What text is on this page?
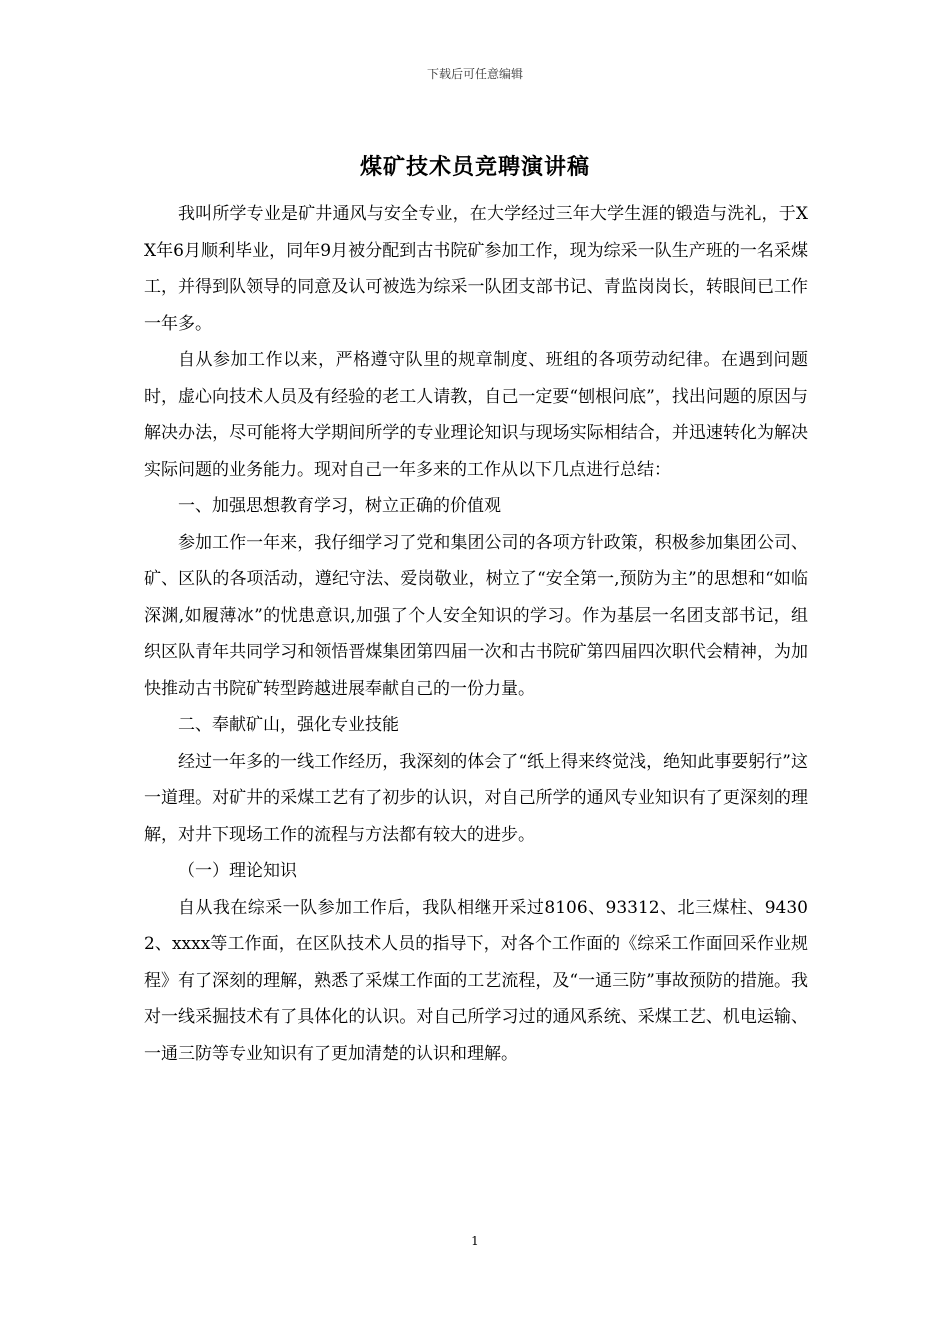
下载后可任意编辑
煤矿技术员竞聘演讲稿

我叫所学专业是矿井通风与安全专业，在大学经过三年大学生涯的锻造与洗礼，于XX年6月顺利毕业，同年9月被分配到古书院矿参加工作，现为综采一队生产班的一名采煤工，并得到队领导的同意及认可被选为综采一队团支部书记、青监岗岗长，转眼间已工作一年多。

自从参加工作以来，严格遵守队里的规章制度、班组的各项劳动纪律。在遇到问题时，虚心向技术人员及有经验的老工人请教，自己一定要“刨根问底”，找出问题的原因与解决办法，尽可能将大学期间所学的专业理论知识与现场实际相结合，并迅速转化为解决实际问题的业务能力。现对自己一年多来的工作从以下几点进行总结：

一、加强思想教育学习，树立正确的价值观

参加工作一年来，我仔细学习了党和集团公司的各项方针政策，积极参加集团公司、矿、区队的各项活动，遵纪守法、爱岗敬业，树立了“安全第一,预防为主”的思想和“如临深渊,如履薄冰”的忧患意识,加强了个人安全知识的学习。作为基层一名团支部书记，组织区队青年共同学习和领悟晋煤集团第四届一次和古书院矿第四届四次职代会精神，为加快推动古书院矿转型跨越进展奉献自己的一份力量。

二、奉献矿山，强化专业技能

经过一年多的一线工作经历，我深刻的体会了“纸上得来终觉浅，绝知此事要躬行”这一道理。对矿井的采煤工艺有了初步的认识，对自己所学的通风专业知识有了更深刻的理解，对井下现场工作的流程与方法都有较大的进步。

（一）理论知识

自从我在综采一队参加工作后，我队相继开采过8106、93312、北三煤柱、94302、xxxx等工作面，在区队技术人员的指导下，对各个工作面的《综采工作面回采作业规程》有了深刻的理解，熟悉了采煤工作面的工艺流程，及“一通三防”事故预防的措施。我对一线采掘技术有了具体化的认识。对自己所学习过的通风系统、采煤工艺、机电运输、一通三防等专业知识有了更加清楚的认识和理解。

1
